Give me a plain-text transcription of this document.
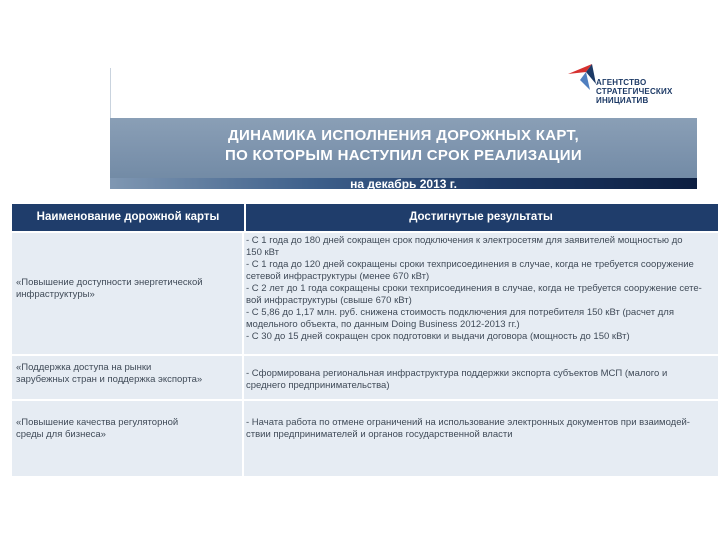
АГЕНТСТВО
СТРАТЕГИЧЕСКИХ
ИНИЦИАТИВ
ДИНАМИКА ИСПОЛНЕНИЯ ДОРОЖНЫХ КАРТ,
ПО КОТОРЫМ НАСТУПИЛ СРОК РЕАЛИЗАЦИИ
на декабрь 2013 г.
Наименование дорожной карты	Достигнутые результаты
«Повышение доступности энергетической
инфраструктуры»
- С 1 года до 180 дней сокращен срок подключения к электросетям для заявителей мощностью до
150 кВт
- С 1 года до 120 дней сокращены сроки техприсоединения в случае, когда не требуется сооружение
сетевой инфраструктуры (менее 670 кВт)
- С 2 лет до 1 года сокращены сроки техприсоединения в случае, когда не требуется сооружение сете-
вой инфраструктуры (свыше 670 кВт)
- С 5,86 до 1,17 млн. руб. снижена стоимость подключения для потребителя 150 кВт (расчет для
модельного объекта, по данным Doing Business 2012-2013 гг.)
- С 30 до 15 дней сокращен срок подготовки и выдачи договора (мощность до 150 кВт)
«Поддержка доступа на рынки
зарубежных стран и поддержка экспорта»
- Сформирована региональная инфраструктура поддержки экспорта субъектов МСП (малого и
среднего предпринимательства)
«Повышение качества регуляторной
среды для бизнеса»
- Начата работа по отмене ограничений на использование электронных документов при взаимодей-
ствии предпринимателей и органов государственной власти
